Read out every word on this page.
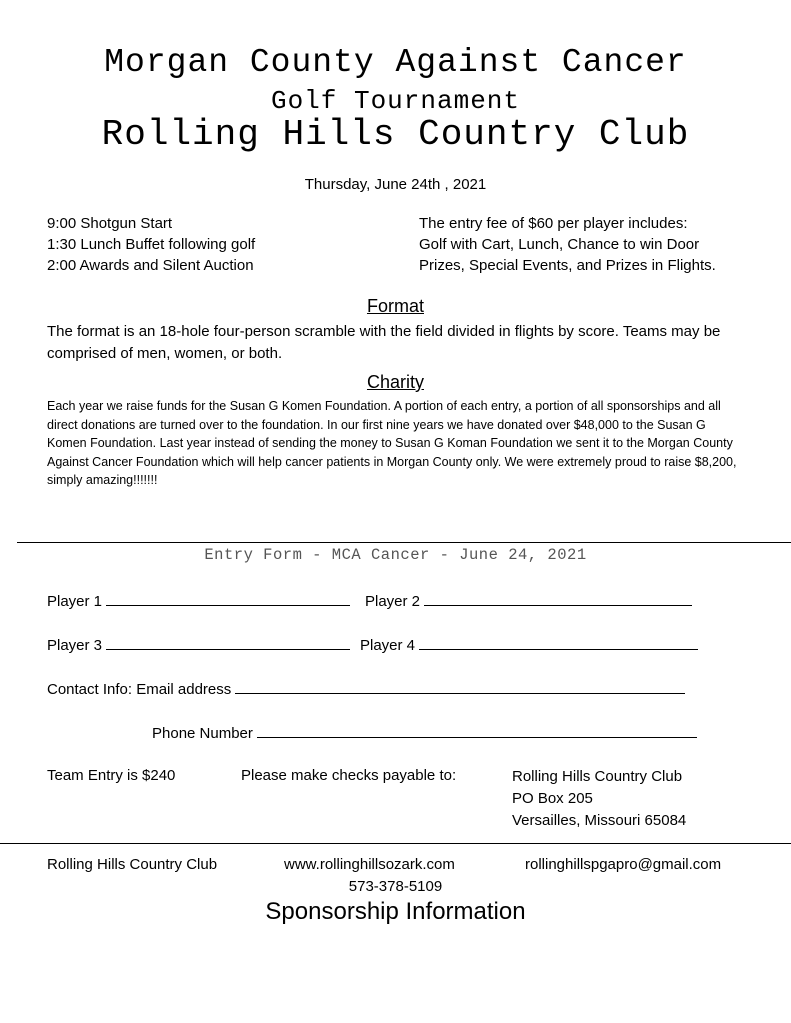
Morgan County Against Cancer
Golf Tournament
Rolling Hills Country Club
Thursday, June 24th , 2021
9:00 Shotgun Start
1:30 Lunch Buffet following golf
2:00 Awards and Silent Auction
The entry fee of $60 per player includes:
Golf with Cart, Lunch, Chance to win Door
Prizes, Special Events, and Prizes in Flights.
Format
The format is an 18-hole four-person scramble with the field divided in flights by score. Teams may be comprised of men, women, or both.
Charity
Each year we raise funds for the Susan G Komen Foundation. A portion of each entry, a portion of all sponsorships and all direct donations are turned over to the foundation. In our first nine years we have donated over $48,000 to the Susan G Komen Foundation. Last year instead of sending the money to Susan G Koman Foundation we sent it to the Morgan County Against Cancer Foundation which will help cancer patients in Morgan County only. We were extremely proud to raise $8,200, simply amazing!!!!!!!
Entry Form - MCA Cancer - June 24, 2021
Player 1	Player 2
Player 3	Player 4
Contact Info: Email address
Phone Number
Team Entry is $240	Please make checks payable to:	Rolling Hills Country Club
PO Box 205
Versailles, Missouri 65084
Rolling Hills Country Club	www.rollinghillsozark.com	rollinghillspgapro@gmail.com
573-378-5109
Sponsorship Information
